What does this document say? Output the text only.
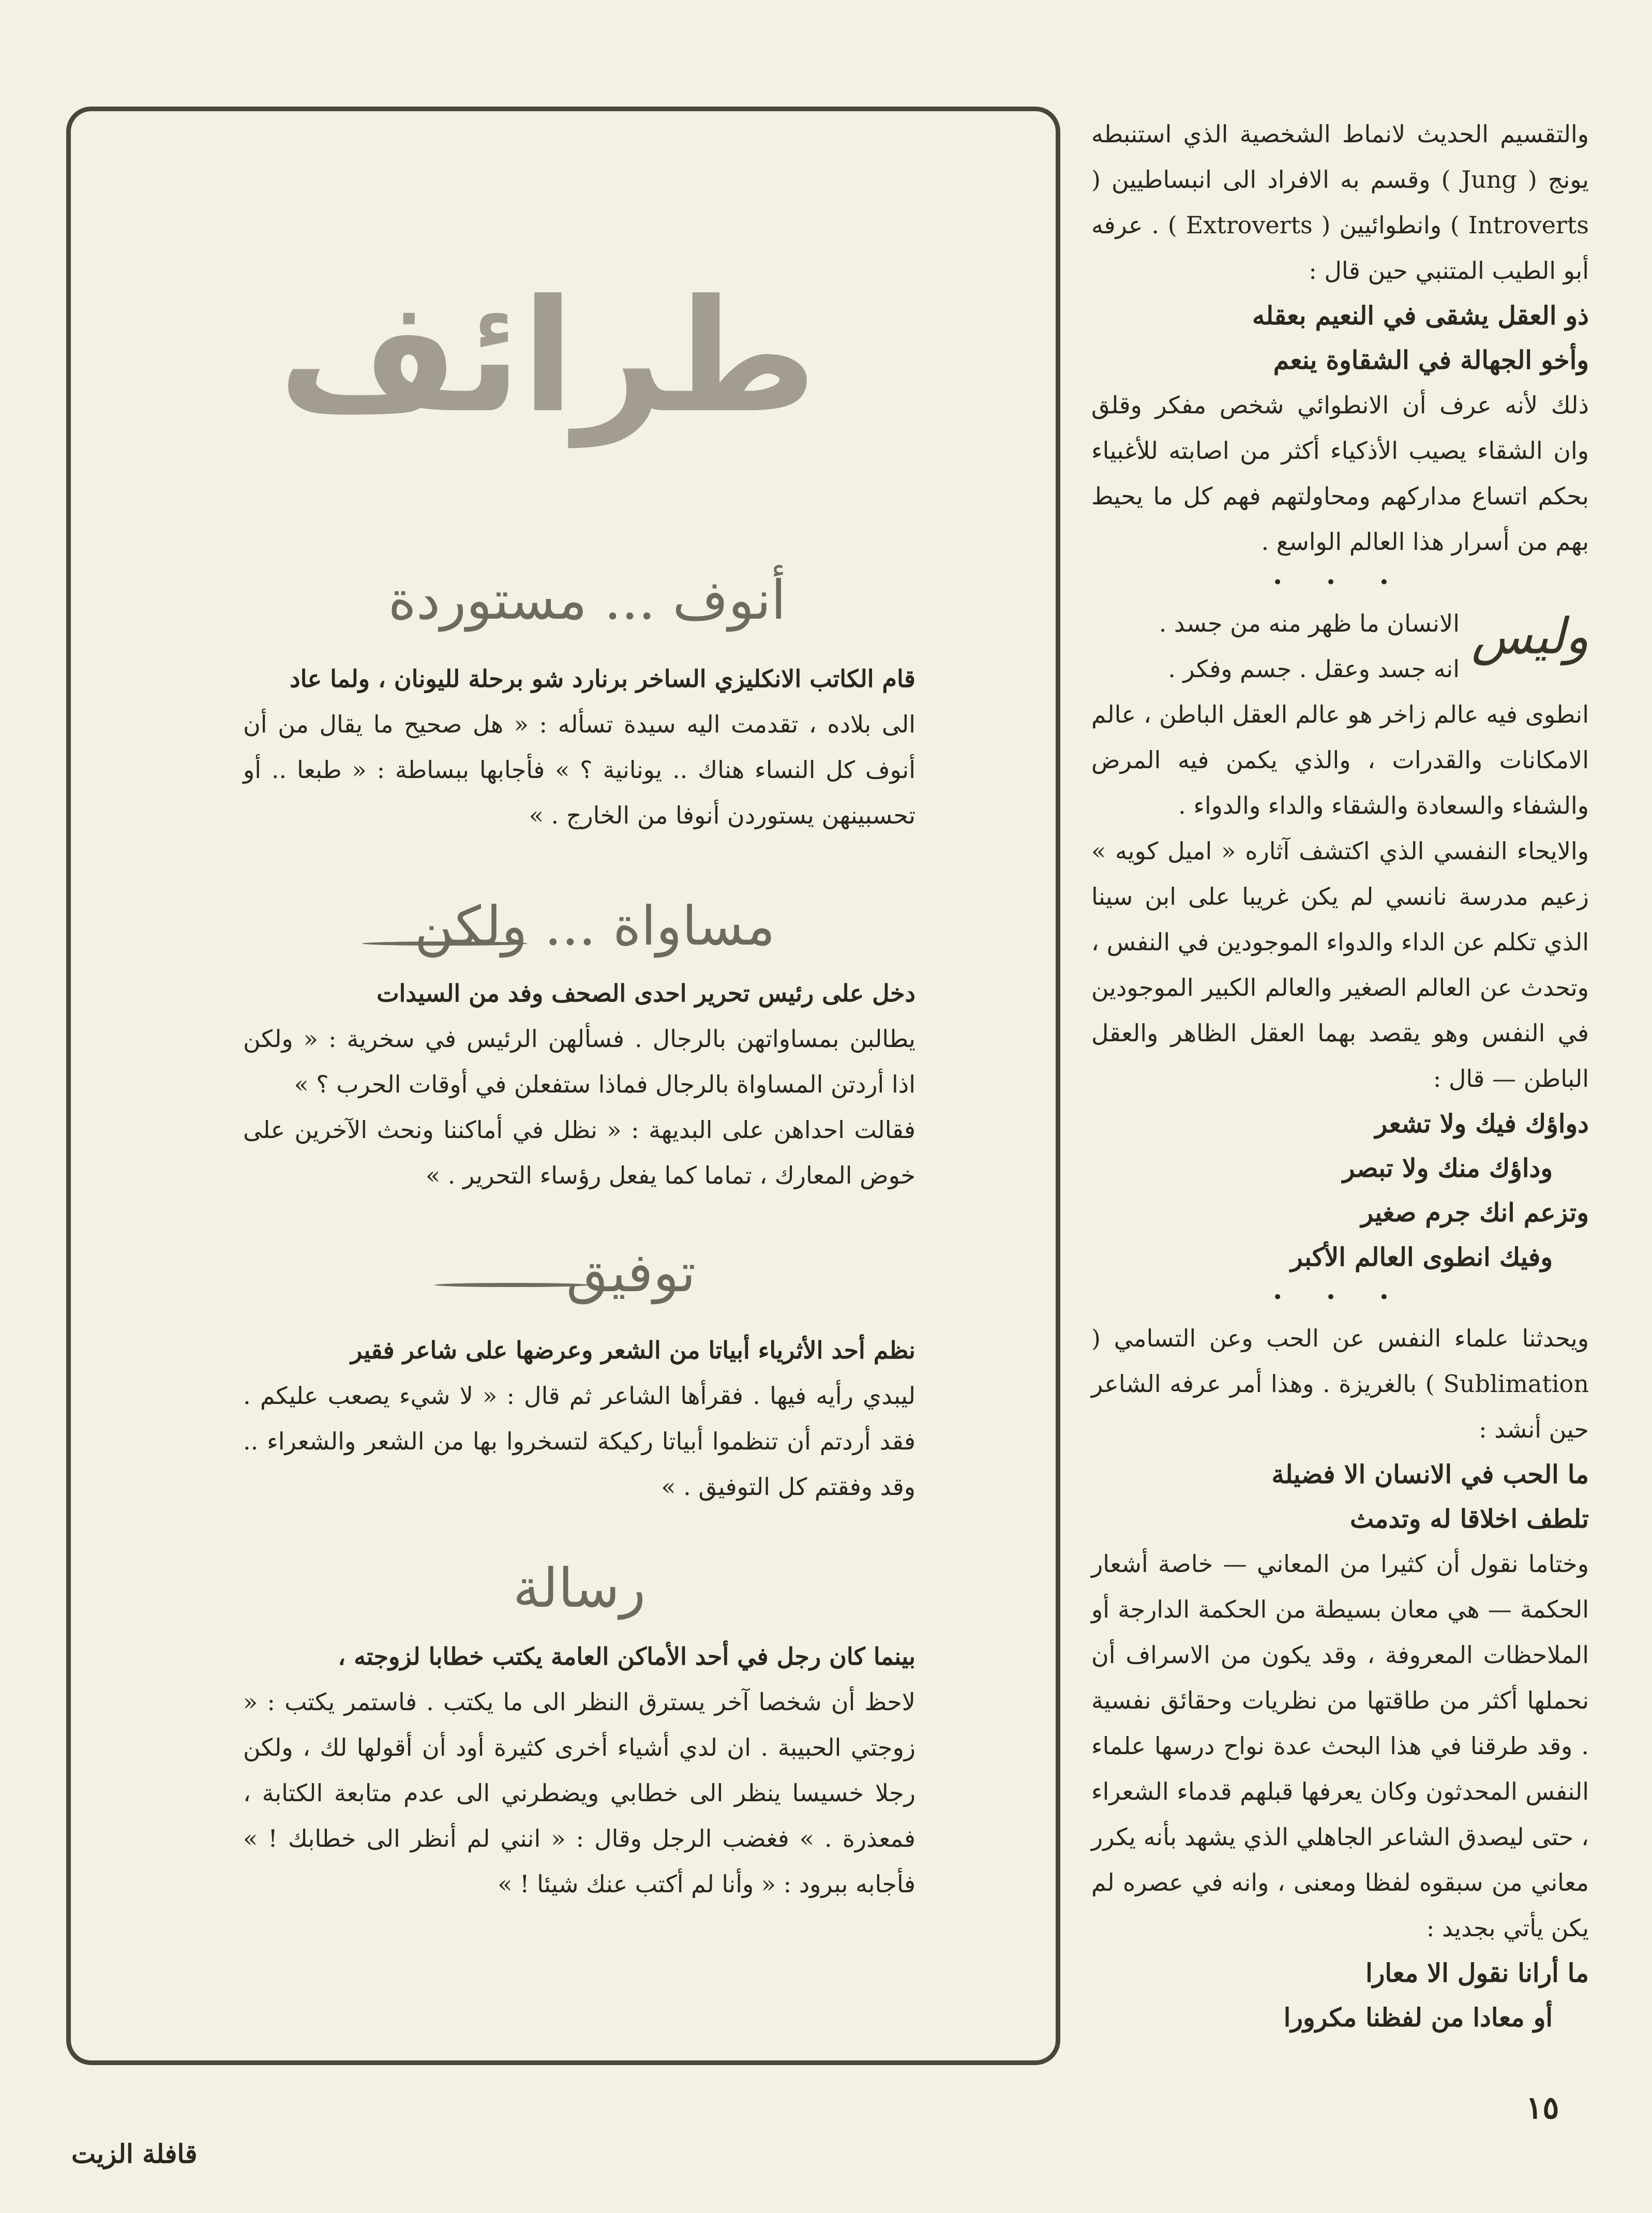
والتقسيم الحديث لانماط الشخصية الذي استنبطه يونج ( Jung ) وقسم به الافراد الى انبساطيين ( Introverts ) وانطوائيين ( Extroverts ) . عرفه أبو الطيب المتنبي حين قال :

ذو العقل يشقى في النعيم بعقله

وأخو الجهالة في الشقاوة ينعم

ذلك لأنه عرف أن الانطوائي شخص مفكر وقلق وان الشقاء يصيب الأذكياء أكثر من اصابته للأغبياء بحكم اتساع مداركهم ومحاولتهم فهم كل ما يحيط بهم من أسرار هذا العالم الواسع .

• • •
وليس

الانسان ما ظهر منه من جسد .

انه جسد وعقل . جسم وفكر .

انطوى فيه عالم زاخر هو عالم العقل الباطن ، عالم الامكانات والقدرات ، والذي يكمن فيه المرض والشفاء والسعادة والشقاء والداء والدواء .

والايحاء النفسي الذي اكتشف آثاره « اميل كويه » زعيم مدرسة نانسي لم يكن غريبا على ابن سينا الذي تكلم عن الداء والدواء الموجودين في النفس ، وتحدث عن العالم الصغير والعالم الكبير الموجودين في النفس وهو يقصد بهما العقل الظاهر والعقل الباطن — قال :

دواؤك فيك ولا تشعر

وداؤك منك ولا تبصر

وتزعم انك جرم صغير

وفيك انطوى العالم الأكبر

• • •

ويحدثنا علماء النفس عن الحب وعن التسامي ( Sublimation ) بالغريزة . وهذا أمر عرفه الشاعر حين أنشد :

ما الحب في الانسان الا فضيلة

تلطف اخلاقا له وتدمث

وختاما نقول أن كثيرا من المعاني — خاصة أشعار الحكمة — هي معان بسيطة من الحكمة الدارجة أو الملاحظات المعروفة ، وقد يكون من الاسراف أن نحملها أكثر من طاقتها من نظريات وحقائق نفسية . وقد طرقنا في هذا البحث عدة نواح درسها علماء النفس المحدثون وكان يعرفها قبلهم قدماء الشعراء ، حتى ليصدق الشاعر الجاهلي الذي يشهد بأنه يكرر معاني من سبقوه لفظا ومعنى ، وانه في عصره لم يكن يأتي بجديد :

ما أرانا نقول الا معارا

أو معادا من لفظنا مكرورا

طرائف
أنوف ... مستوردة

قام الكاتب الانكليزي الساخر برنارد شو برحلة لليونان ، ولما عاد

الى بلاده ، تقدمت اليه سيدة تسأله : « هل صحيح ما يقال من أن أنوف كل النساء هناك .. يونانية ؟ » فأجابها ببساطة : « طبعا .. أو تحسبينهن يستوردن أنوفا من الخارج . »

مساواة ... ولكن

دخل على رئيس تحرير احدى الصحف وفد من السيدات

يطالبن بمساواتهن بالرجال . فسألهن الرئيس في سخرية : « ولكن اذا أردتن المساواة بالرجال فماذا ستفعلن في أوقات الحرب ؟ »

فقالت احداهن على البديهة : « نظل في أماكننا ونحث الآخرين على خوض المعارك ، تماما كما يفعل رؤساء التحرير . »

توفيق

نظم أحد الأثرياء أبياتا من الشعر وعرضها على شاعر فقير

ليبدي رأيه فيها . فقرأها الشاعر ثم قال : « لا شيء يصعب عليكم . فقد أردتم أن تنظموا أبياتا ركيكة لتسخروا بها من الشعر والشعراء .. وقد وفقتم كل التوفيق . »

رسالة

بينما كان رجل في أحد الأماكن العامة يكتب خطابا لزوجته ،

لاحظ أن شخصا آخر يسترق النظر الى ما يكتب . فاستمر يكتب : « زوجتي الحبيبة . ان لدي أشياء أخرى كثيرة أود أن أقولها لك ، ولكن رجلا خسيسا ينظر الى خطابي ويضطرني الى عدم متابعة الكتابة ، فمعذرة . » فغضب الرجل وقال : « انني لم أنظر الى خطابك ! » فأجابه ببرود : « وأنا لم أكتب عنك شيئا ! »

١٥
قافلة الزيت
